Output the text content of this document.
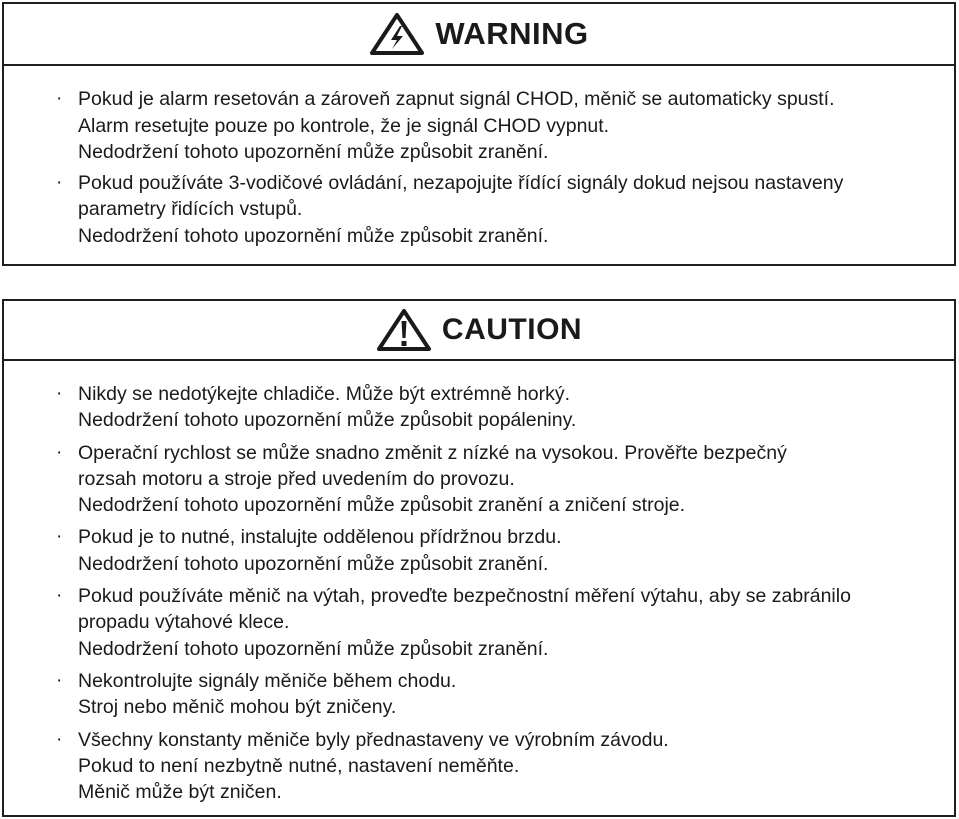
WARNING
· Pokud je alarm resetován a zároveň zapnut signál CHOD, měnič se automaticky spustí.

Alarm resetujte pouze po kontrole, že je signál CHOD vypnut.

Nedodržení tohoto upozornění může způsobit zranění.

· Pokud používáte 3-vodičové ovládání, nezapojujte řídící signály dokud nejsou nastaveny

parametry řidících vstupů.

Nedodržení tohoto upozornění může způsobit zranění.

CAUTION
· Nikdy se nedotýkejte chladiče. Může být extrémně horký.

Nedodržení tohoto upozornění může způsobit popáleniny.

· Operační rychlost se může snadno změnit z nízké na vysokou. Prověřte bezpečný

rozsah motoru a stroje před uvedením do provozu.

Nedodržení tohoto upozornění může způsobit zranění a zničení stroje.

· Pokud je to nutné, instalujte oddělenou přídržnou brzdu.

Nedodržení tohoto upozornění může způsobit zranění.

· Pokud používáte měnič na výtah, proveďte bezpečnostní měření výtahu, aby se zabránilo

propadu výtahové klece.

Nedodržení tohoto upozornění může způsobit zranění.

· Nekontrolujte signály měniče během chodu.

Stroj nebo měnič mohou být zničeny.

· Všechny konstanty měniče byly přednastaveny ve výrobním závodu.

Pokud to není nezbytně nutné, nastavení neměňte.

Měnič může být zničen.
